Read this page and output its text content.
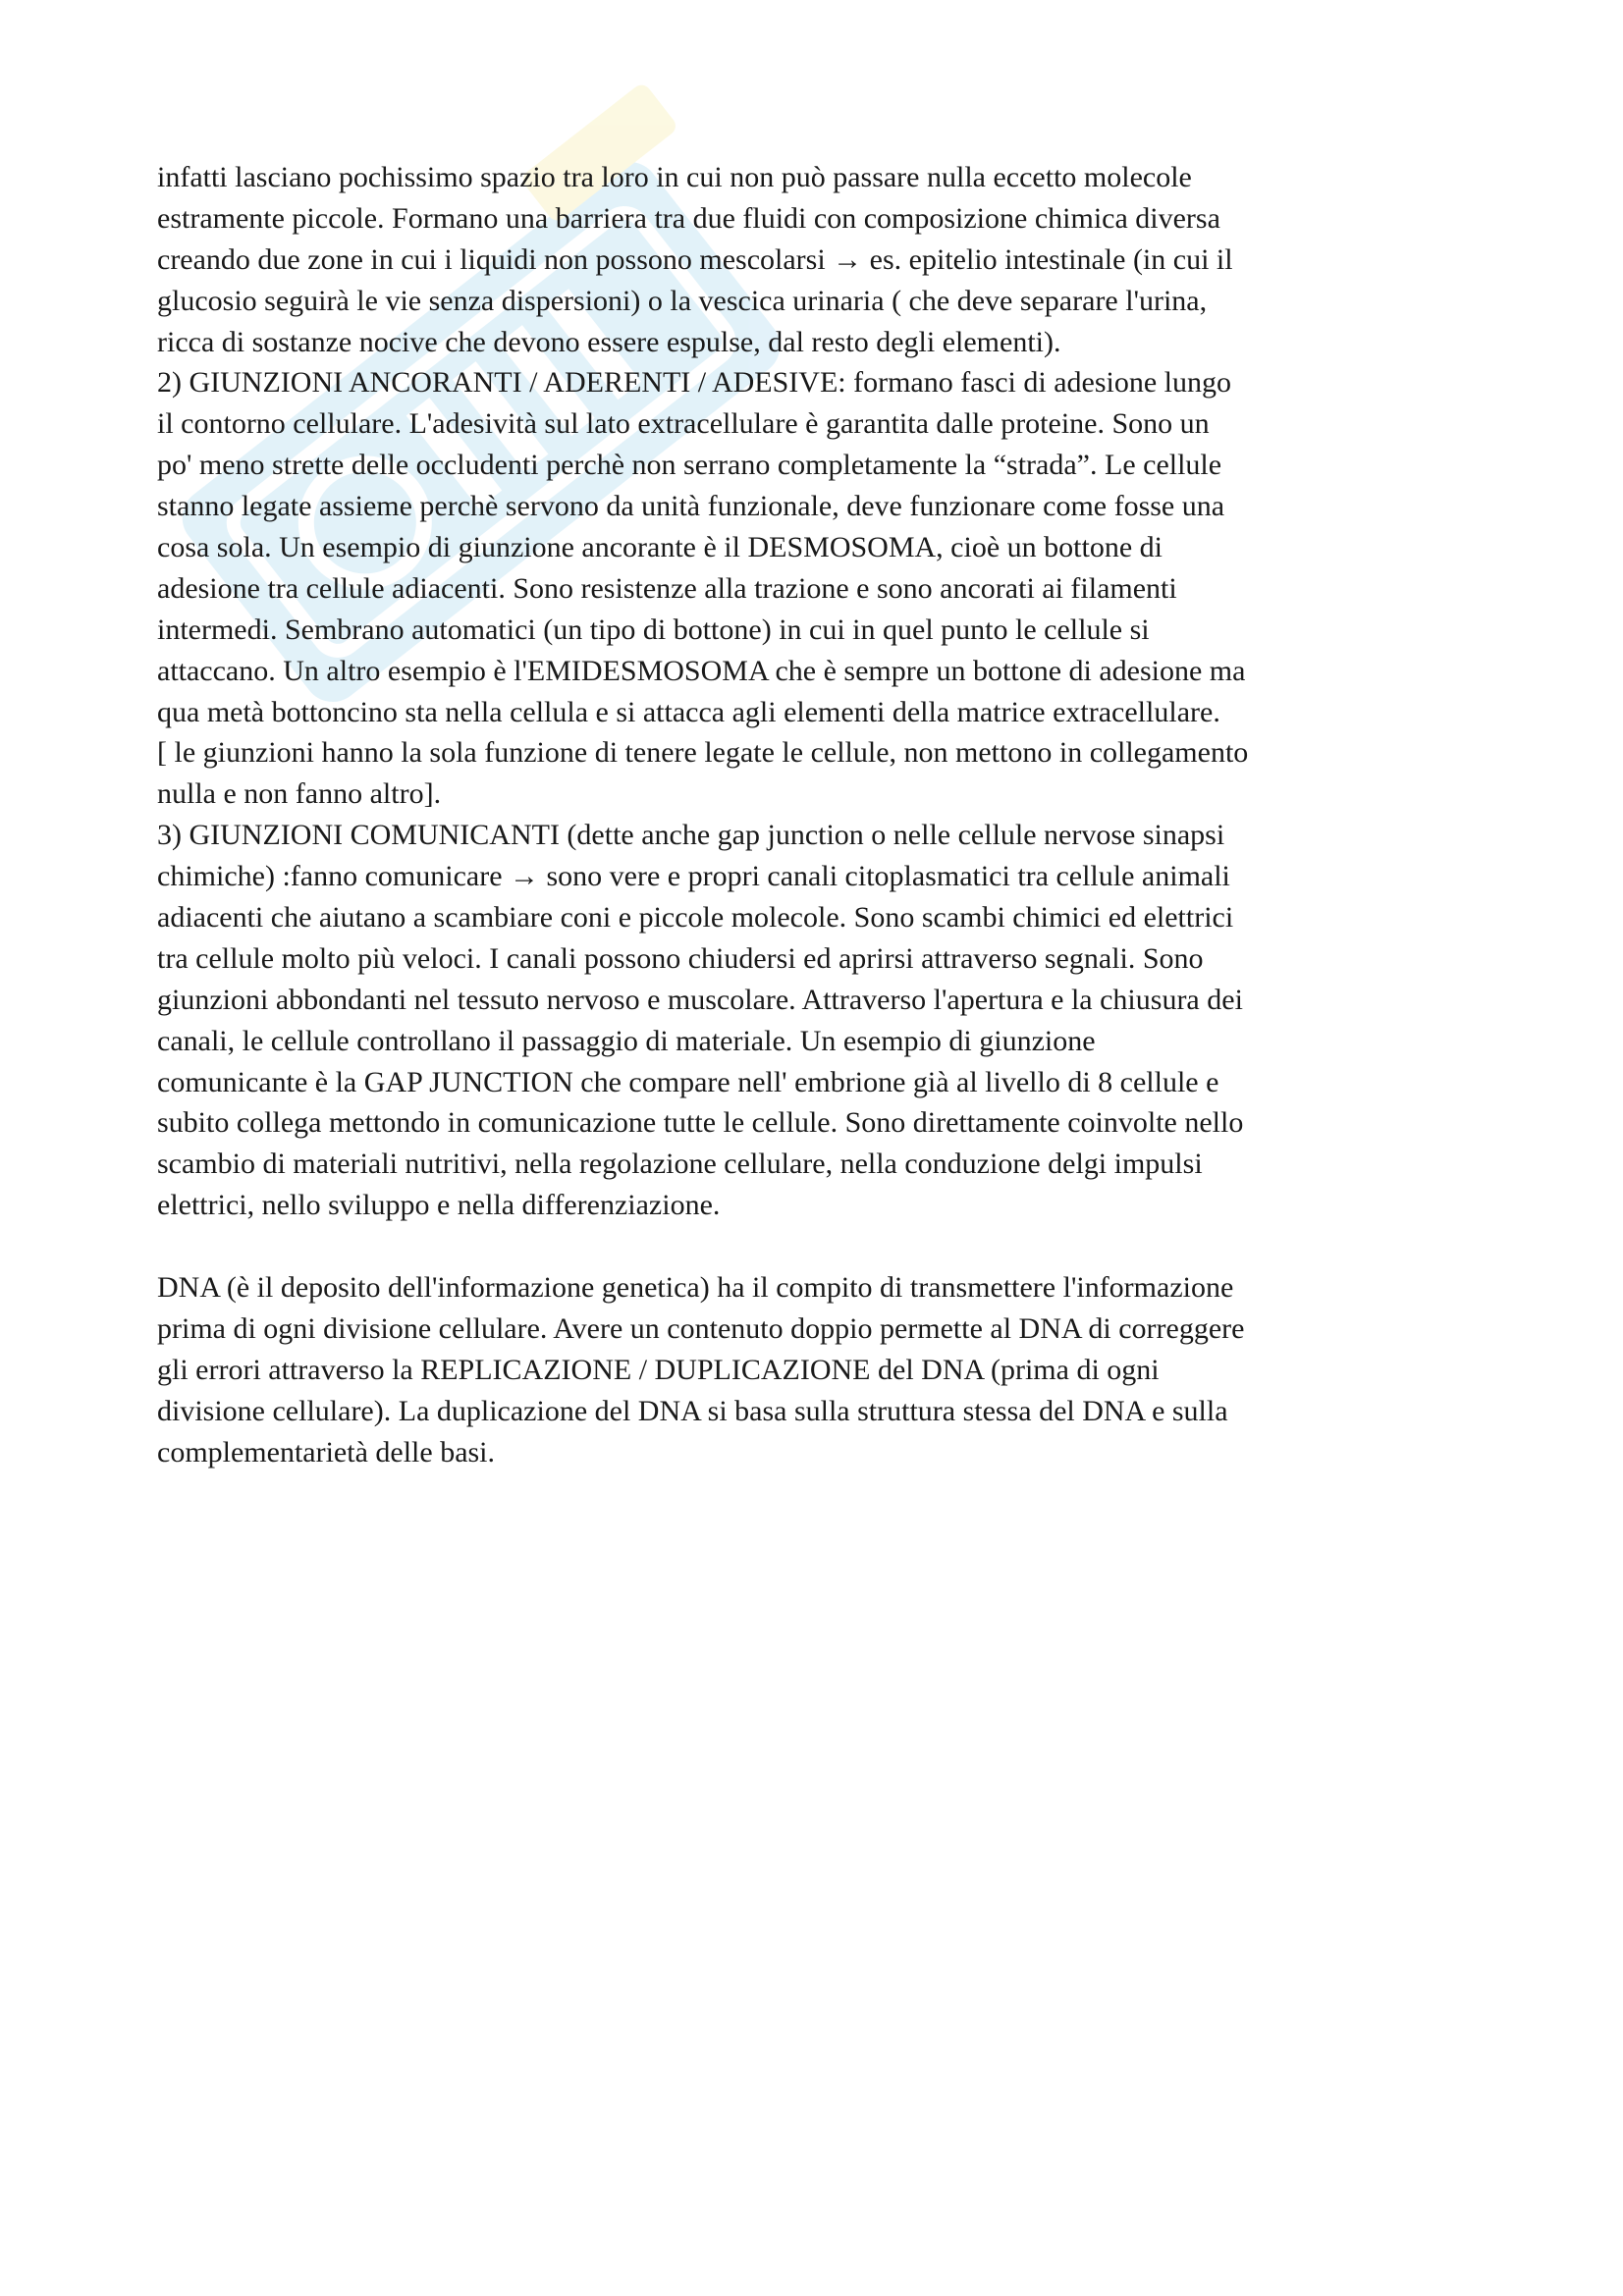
infatti lasciano pochissimo spazio tra loro in cui non può passare nulla eccetto molecole
estramente piccole. Formano una barriera tra due fluidi con composizione chimica diversa
creando due zone in cui i liquidi non possono mescolarsi → es. epitelio intestinale (in cui il
glucosio seguirà le vie senza dispersioni) o la vescica urinaria ( che deve separare l'urina,
ricca di sostanze nocive che devono essere espulse, dal resto degli elementi).
2) GIUNZIONI ANCORANTI / ADERENTI / ADESIVE: formano fasci di adesione lungo
il contorno cellulare. L'adesività sul lato extracellulare è garantita dalle proteine. Sono un
po' meno strette delle occludenti perchè non serrano completamente la “strada”. Le cellule
stanno legate assieme perchè servono da unità funzionale, deve funzionare come fosse una
cosa sola. Un esempio di giunzione ancorante è il DESMOSOMA, cioè un bottone di
adesione tra cellule adiacenti. Sono resistenze alla trazione e sono ancorati ai filamenti
intermedi. Sembrano automatici (un tipo di bottone) in cui in quel punto le cellule si
attaccano. Un altro esempio è l'EMIDESMOSOMA che è sempre un bottone di adesione ma
qua metà bottoncino sta nella cellula e si attacca agli elementi della matrice extracellulare.
[ le giunzioni hanno la sola funzione di tenere legate le cellule, non mettono in collegamento
nulla e non fanno altro].
3) GIUNZIONI COMUNICANTI (dette anche gap junction o nelle cellule nervose sinapsi
chimiche) :fanno comunicare → sono vere e propri canali citoplasmatici tra cellule animali
adiacenti che aiutano a scambiare coni e piccole molecole. Sono scambi chimici ed elettrici
tra cellule molto più veloci. I canali possono chiudersi ed aprirsi attraverso segnali. Sono
giunzioni abbondanti nel tessuto nervoso e muscolare. Attraverso l'apertura e la chiusura dei
canali, le cellule controllano il passaggio di materiale. Un esempio di giunzione
comunicante è la GAP JUNCTION che compare nell' embrione già al livello di 8 cellule e
subito collega mettondo in comunicazione tutte le cellule. Sono direttamente coinvolte nello
scambio di materiali nutritivi, nella regolazione cellulare, nella conduzione delgi impulsi
elettrici, nello sviluppo e nella differenziazione.
DNA (è il deposito dell'informazione genetica) ha il compito di transmettere l'informazione
prima di ogni divisione cellulare. Avere un contenuto doppio permette al DNA di correggere
gli errori attraverso la REPLICAZIONE / DUPLICAZIONE del DNA (prima di ogni
divisione cellulare). La duplicazione del DNA si basa sulla struttura stessa del DNA e sulla
complementarietà delle basi.
